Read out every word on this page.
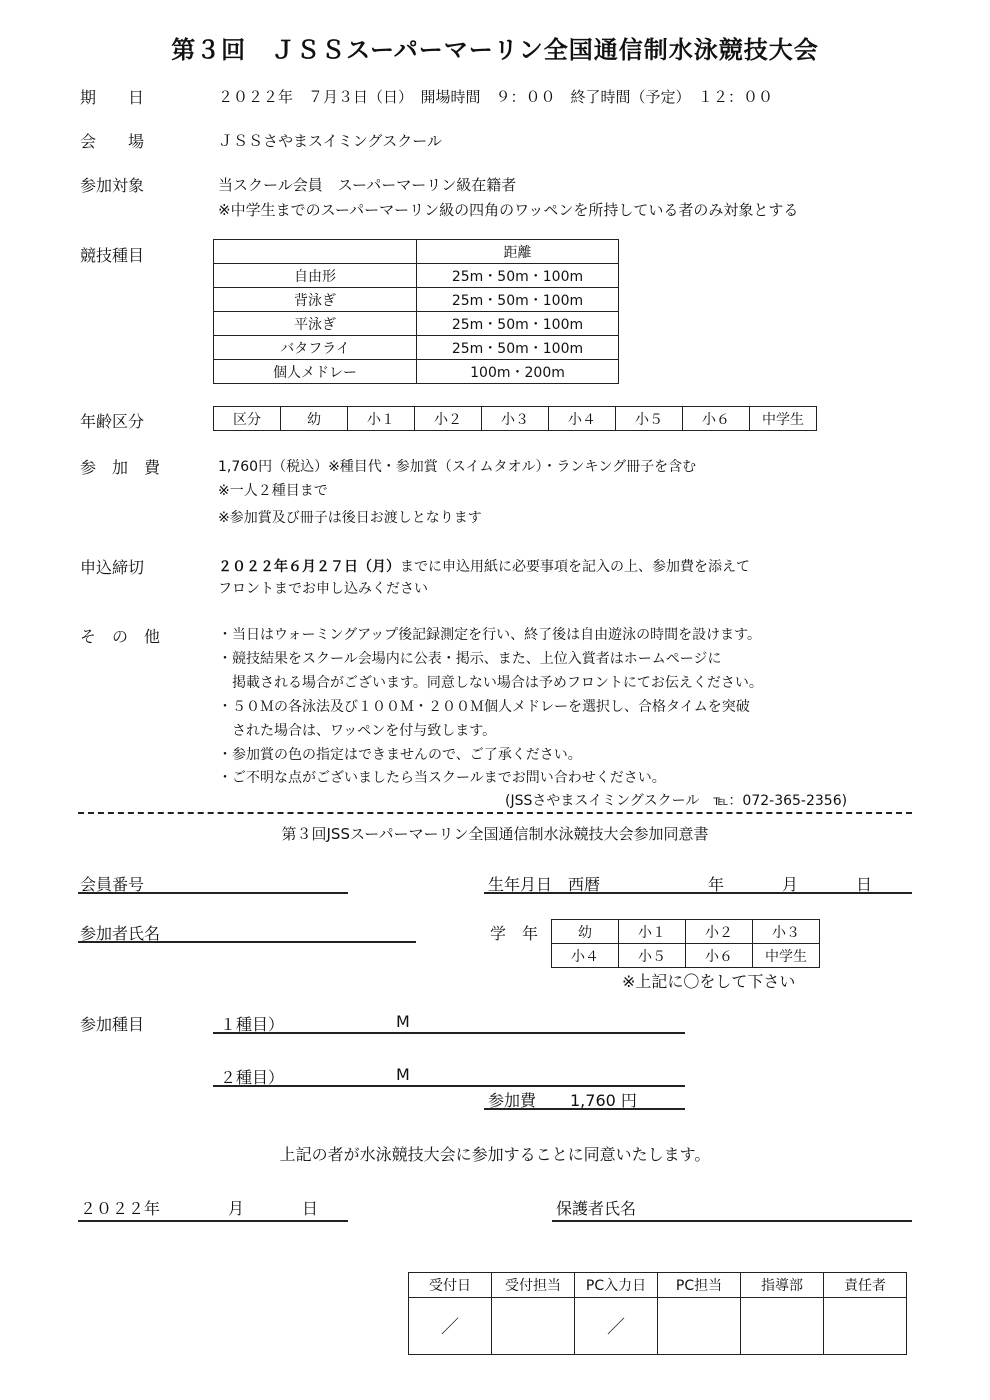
第３回　ＪＳＳスーパーマーリン全国通信制水泳競技大会
期　　日	２０２２年　７月３日（日）　開場時間　９：００　終了時間（予定）　１２：００
会　　場	ＪＳＳさやまスイミングスクール
参加対象	当スクール会員　スーパーマーリン級在籍者
※中学生までのスーパーマーリン級の四角のワッペンを所持している者のみ対象とする
競技種目
		距離
自由形	25m・50m・100m
背泳ぎ	25m・50m・100m
平泳ぎ	25m・50m・100m
バタフライ	25m・50m・100m
個人メドレー	100m・200m
年齢区分	区分	幼	小１	小２	小３	小４	小５	小６	中学生
参　加　費	1,760円（税込）※種目代・参加賞（スイムタオル）・ランキング冊子を含む
※一人２種目まで
※参加賞及び冊子は後日お渡しとなります
申込締切	２０２２年６月２７日（月）までに申込用紙に必要事項を記入の上、参加費を添えて
フロントまでお申し込みください
そ　の　他	・当日はウォーミングアップ後記録測定を行い、終了後は自由遊泳の時間を設けます。
・競技結果をスクール会場内に公表・掲示、また、上位入賞者はホームページに
　掲載される場合がございます。同意しない場合は予めフロントにてお伝えください。
・５０Ｍの各泳法及び１００Ｍ・２００Ｍ個人メドレーを選択し、合格タイムを突破
　された場合は、ワッペンを付与致します。
・参加賞の色の指定はできませんので、ご了承ください。
・ご不明な点がございましたら当スクールまでお問い合わせください。
(JSSさやまスイミングスクール　℡：072-365-2356)
第３回JSSスーパーマーリン全国通信制水泳競技大会参加同意書
会員番号	生年月日　西暦	年	月	日
参加者氏名	学　年	幼	小１	小２	小３
小４	小５	小６	中学生
※上記に〇をして下さい
参加種目	１種目）	M
２種目）	M
参加費 1,760 円
上記の者が水泳競技大会に参加することに同意いたします。
２０２２年	月	日	保護者氏名
受付日	受付担当	PC入力日	PC担当	指導部	責任者
／		／			
